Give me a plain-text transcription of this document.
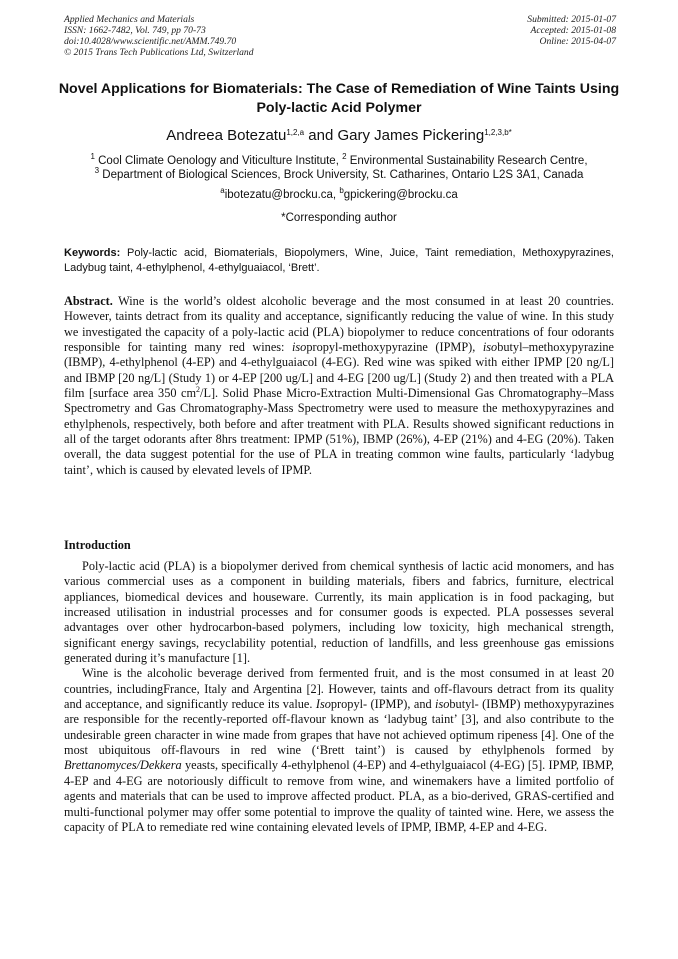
Applied Mechanics and Materials
ISSN: 1662-7482, Vol. 749, pp 70-73
doi:10.4028/www.scientific.net/AMM.749.70
© 2015 Trans Tech Publications Ltd, Switzerland
Submitted: 2015-01-07
Accepted: 2015-01-08
Online: 2015-04-07
Novel Applications for Biomaterials: The Case of Remediation of Wine Taints Using Poly-lactic Acid Polymer
Andreea Botezatu$^{1,2,a}$ and Gary James Pickering$^{1,2,3,b*}$
$^1$ Cool Climate Oenology and Viticulture Institute, $^2$ Environmental Sustainability Research Centre,
$^3$ Department of Biological Sciences, Brock University, St. Catharines, Ontario L2S 3A1, Canada
$^a$ibotezatu@brocku.ca, $^b$gpickering@brocku.ca
*Corresponding author
Keywords: Poly-lactic acid, Biomaterials, Biopolymers, Wine, Juice, Taint remediation, Methoxypyrazines, Ladybug taint, 4-ethylphenol, 4-ethylguaiacol, ‘Brett’.
Abstract. Wine is the world’s oldest alcoholic beverage and the most consumed in at least 20 countries. However, taints detract from its quality and acceptance, significantly reducing the value of wine. In this study we investigated the capacity of a poly-lactic acid (PLA) biopolymer to reduce concentrations of four odorants responsible for tainting many red wines: isopropyl-methoxypyrazine (IPMP), isobutyl–methoxypyrazine (IBMP), 4-ethylphenol (4-EP) and 4-ethylguaiacol (4-EG). Red wine was spiked with either IPMP [20 ng/L] and IBMP [20 ng/L] (Study 1) or 4-EP [200 ug/L] and 4-EG [200 ug/L] (Study 2) and then treated with a PLA film [surface area 350 $cm^2/L$]. Solid Phase Micro-Extraction Multi-Dimensional Gas Chromatography–Mass Spectrometry and Gas Chromatography-Mass Spectrometry were used to measure the methoxypyrazines and ethylphenols, respectively, both before and after treatment with PLA. Results showed significant reductions in all of the target odorants after 8hrs treatment: IPMP (51%), IBMP (26%), 4-EP (21%) and 4-EG (20%). Taken overall, the data suggest potential for the use of PLA in treating common wine faults, particularly ‘ladybug taint’, which is caused by elevated levels of IPMP.
Introduction

Poly-lactic acid (PLA) is a biopolymer derived from chemical synthesis of lactic acid monomers, and has various commercial uses as a component in building materials, fibers and fabrics, furniture, electrical appliances, biomedical devices and houseware. Currently, its main application is in food packaging, but increased utilisation in industrial processes and for consumer goods is expected. PLA possesses several advantages over other hydrocarbon-based polymers, including low toxicity, high mechanical strength, significant energy savings, recyclability potential, reduction of landfills, and less greenhouse gas emissions generated during it’s manufacture [1].

Wine is the alcoholic beverage derived from fermented fruit, and is the most consumed in at least 20 countries, includingFrance, Italy and Argentina [2]. However, taints and off-flavours detract from its quality and acceptance, and significantly reduce its value. Isopropyl- (IPMP), and isobutyl- (IBMP) methoxypyrazines are responsible for the recently-reported off-flavour known as ‘ladybug taint’ [3], and also contribute to the undesirable green character in wine made from grapes that have not achieved optimum ripeness [4]. One of the most ubiquitous off-flavours in red wine (‘Brett taint’) is caused by ethylphenols formed by Brettanomyces/Dekkera yeasts, specifically 4-ethylphenol (4-EP) and 4-ethylguaiacol (4-EG) [5]. IPMP, IBMP, 4-EP and 4-EG are notoriously difficult to remove from wine, and winemakers have a limited portfolio of agents and materials that can be used to improve affected product. PLA, as a bio-derived, GRAS-certified and multi-functional polymer may offer some potential to improve the quality of tainted wine. Here, we assess the capacity of PLA to remediate red wine containing elevated levels of IPMP, IBMP, 4-EP and 4-EG.
